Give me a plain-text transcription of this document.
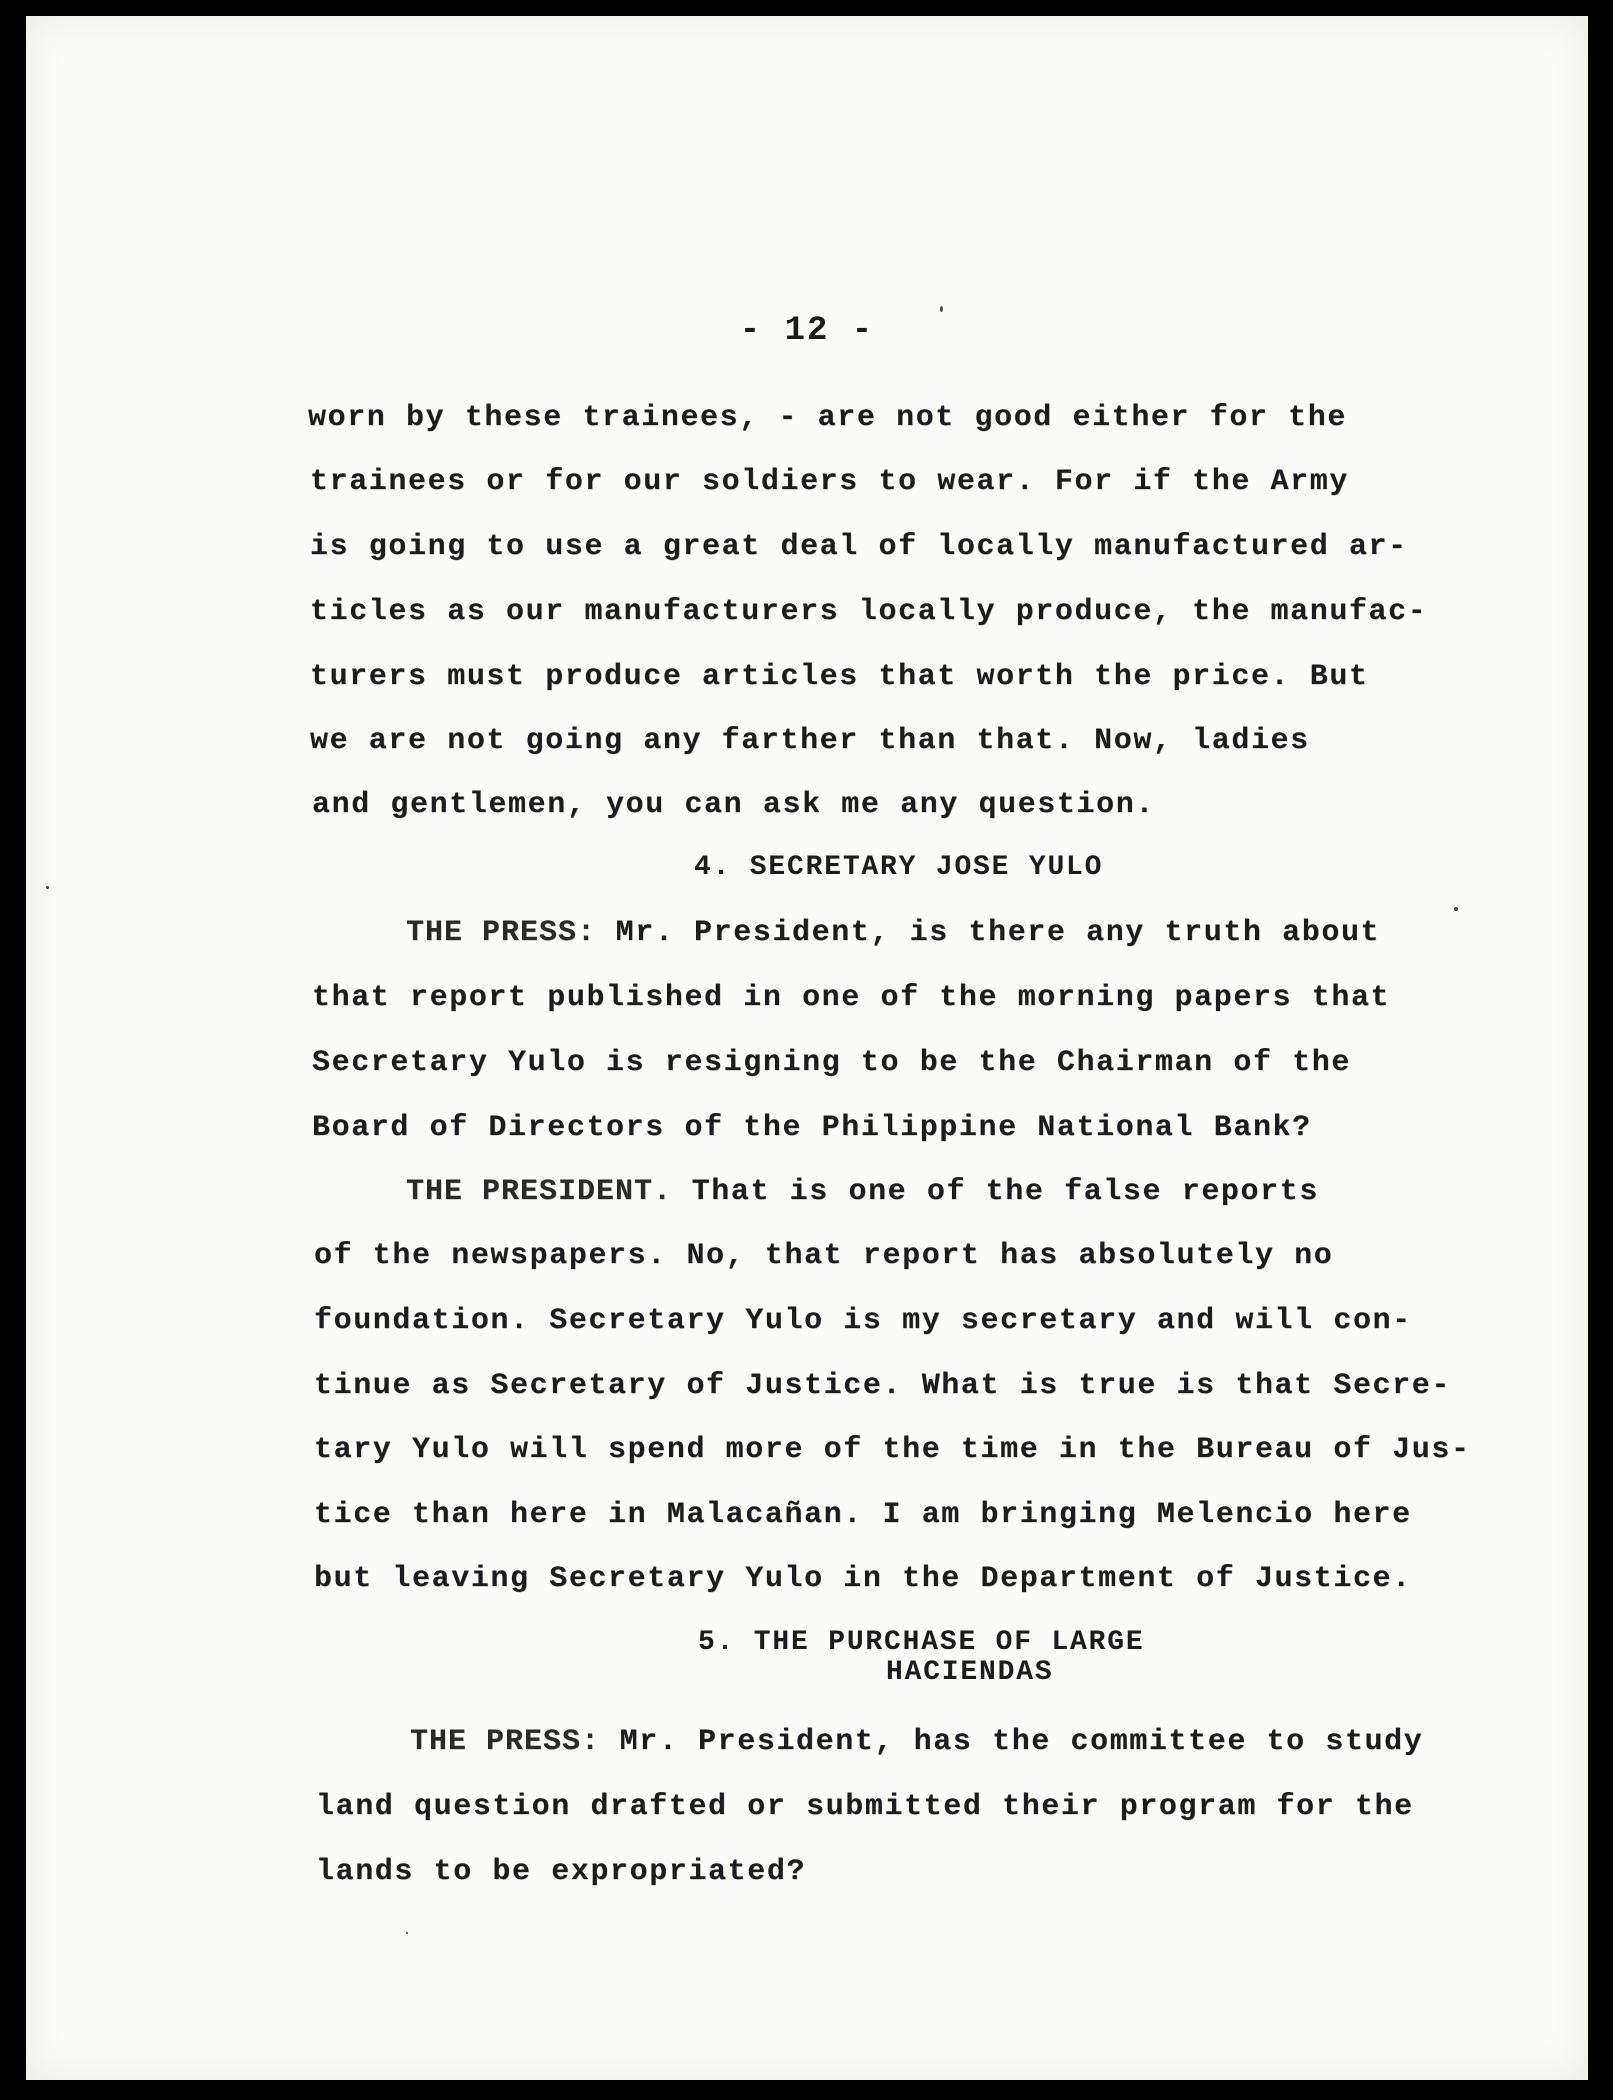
- 12 -
worn by these trainees, - are not good either for the
trainees or for our soldiers to wear. For if the Army
is going to use a great deal of locally manufactured ar-
ticles as our manufacturers locally produce, the manufac-
turers must produce articles that worth the price. But
we are not going any farther than that. Now, ladies
and gentlemen, you can ask me any question.
4. SECRETARY JOSE YULO
THE PRESS: Mr. President, is there any truth about
that report published in one of the morning papers that
Secretary Yulo is resigning to be the Chairman of the
Board of Directors of the Philippine National Bank?
THE PRESIDENT. That is one of the false reports
of the newspapers. No, that report has absolutely no
foundation. Secretary Yulo is my secretary and will con-
tinue as Secretary of Justice. What is true is that Secre-
tary Yulo will spend more of the time in the Bureau of Jus-
tice than here in Malacañan. I am bringing Melencio here
but leaving Secretary Yulo in the Department of Justice.
5. THE PURCHASE OF LARGE
HACIENDAS
THE PRESS: Mr. President, has the committee to study
land question drafted or submitted their program for the
lands to be expropriated?
